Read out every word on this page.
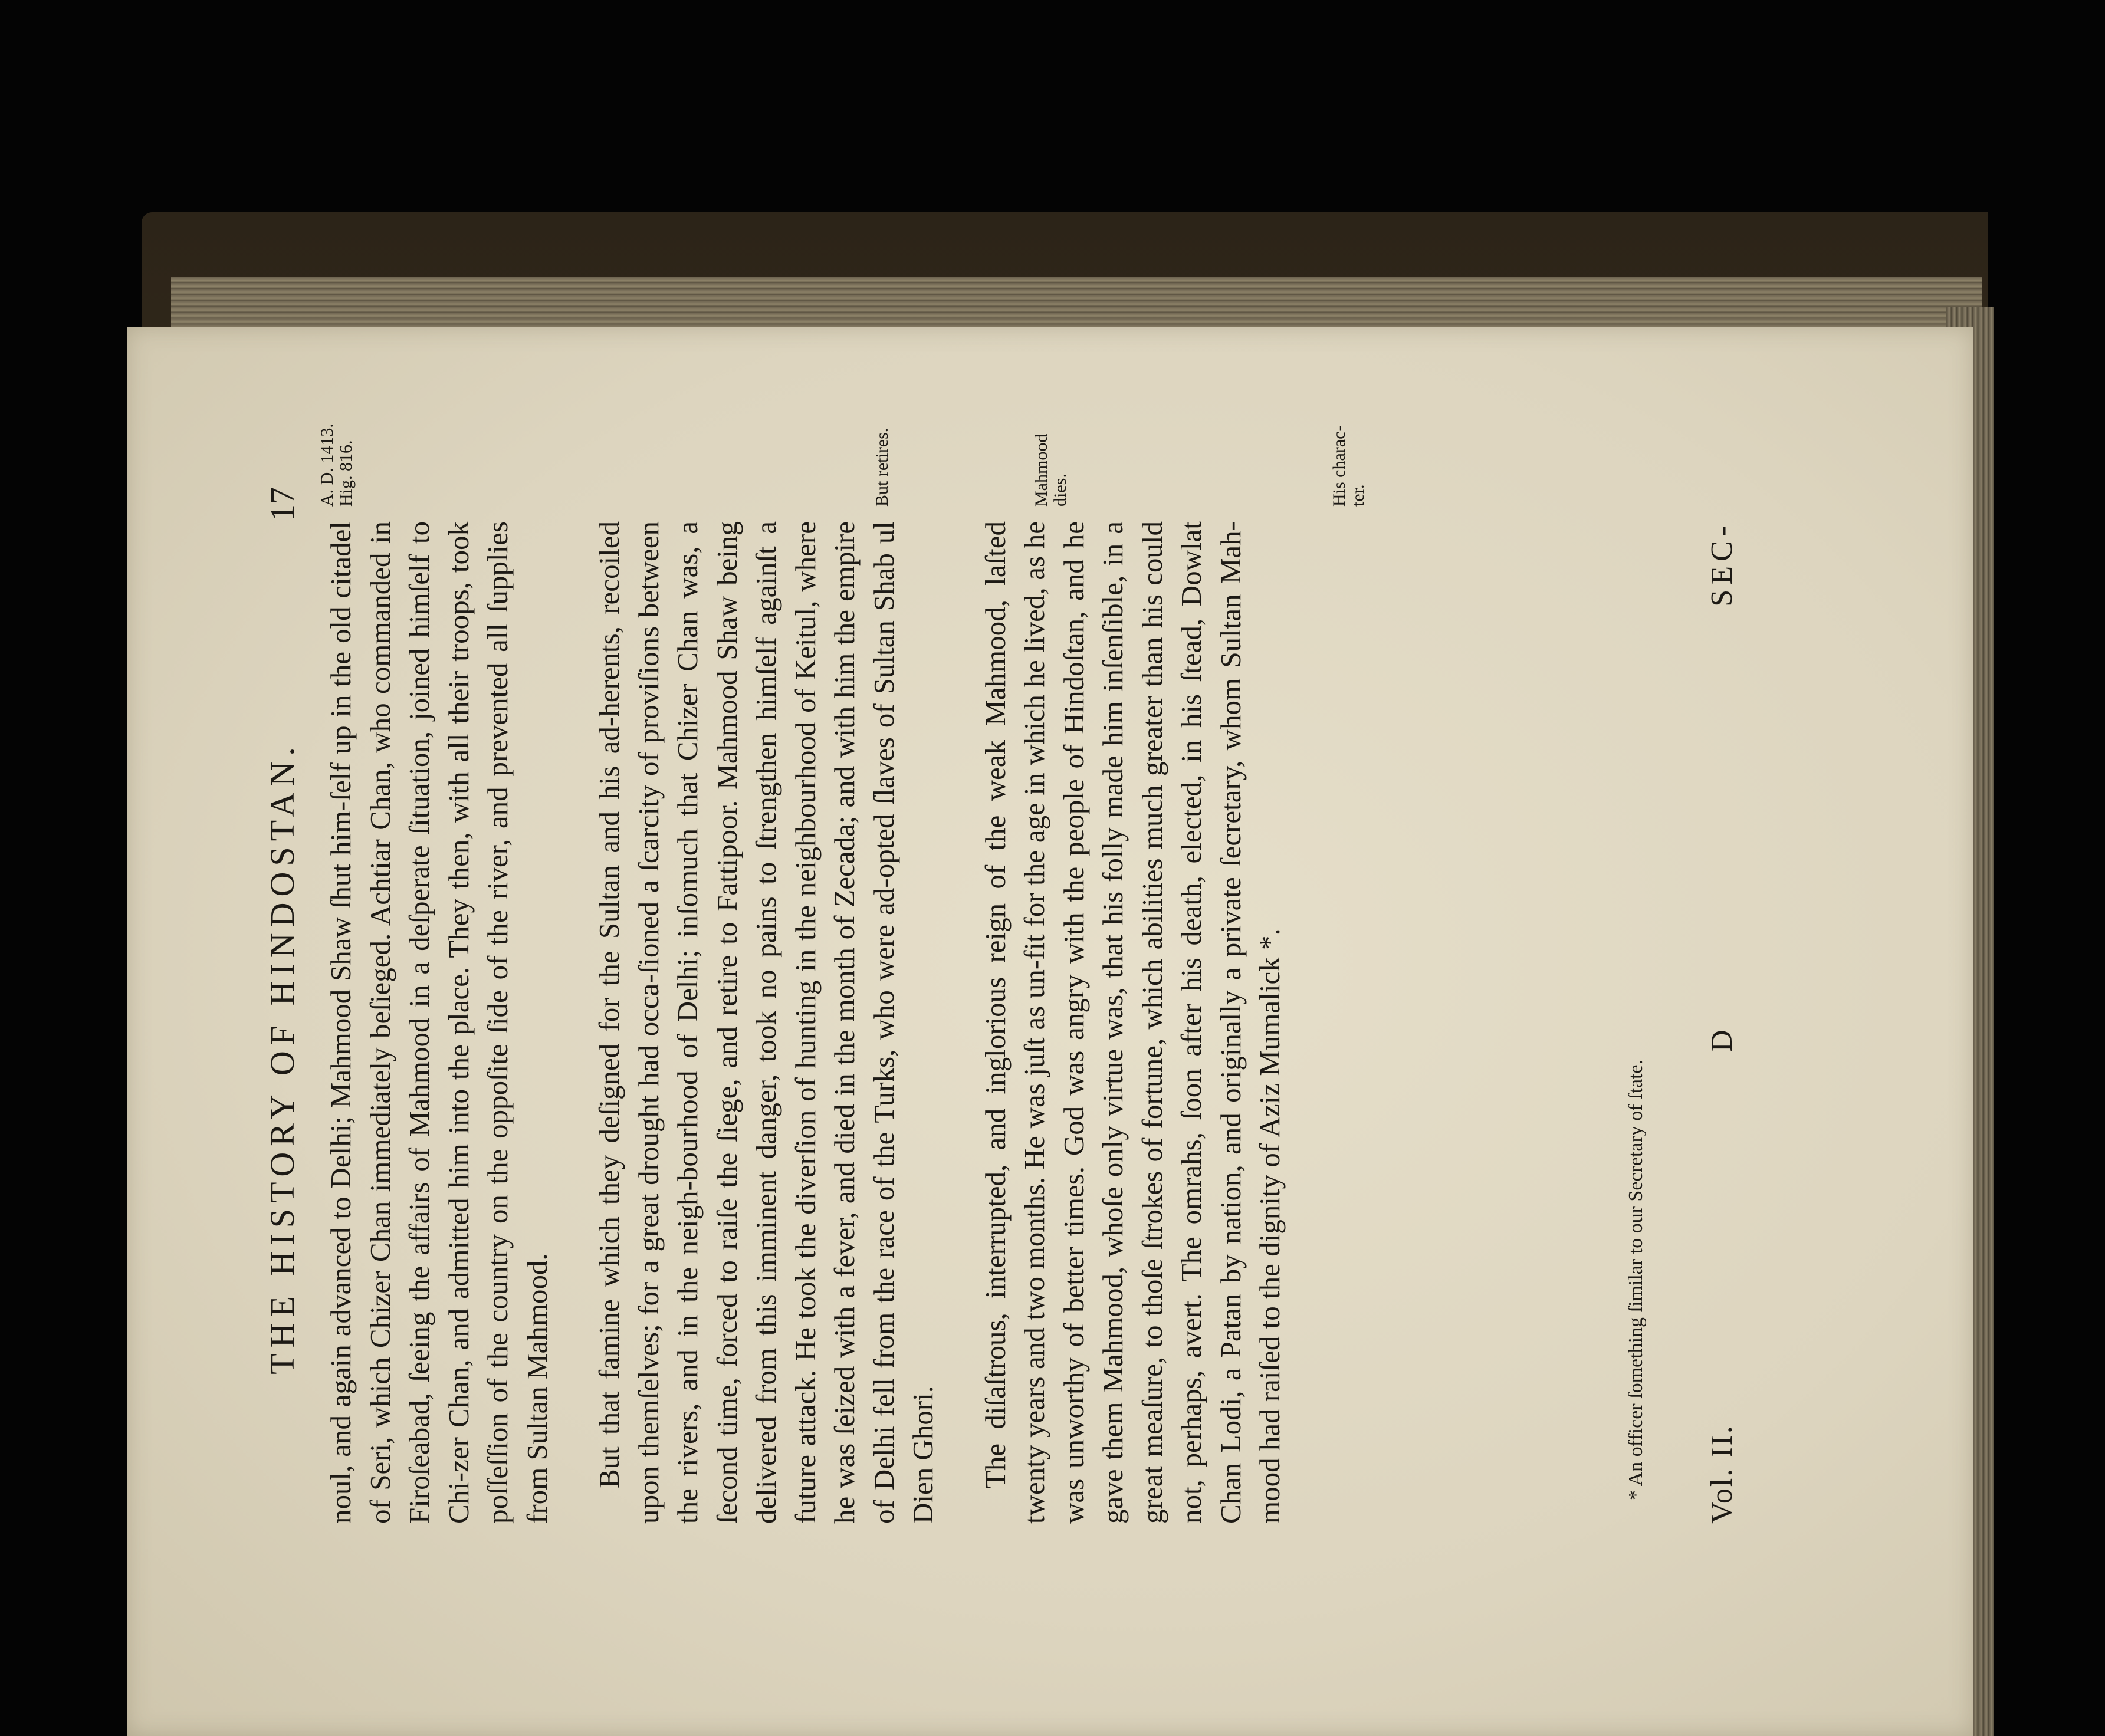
THE HISTORY OF HINDOSTAN.
17

noul, and again advanced to Delhi; Mahmood Shaw ſhut him-ſelf up in the old citadel of Seri, which Chizer Chan immediately beſieged. Achtiar Chan, who commanded in Firoſeabad, ſeeing the affairs of Mahmood in a deſperate ſituation, joined himſelf to Chi-zer Chan, and admitted him into the place. They then, with all their troops, took poſſeſſion of the country on the oppoſite ſide of the river, and prevented all ſupplies from Sultan Mahmood. But that famine which they deſigned for the Sultan and his ad-herents, recoiled upon themſelves; for a great drought had occa-ſioned a ſcarcity of proviſions between the rivers, and in the neigh-bourhood of Delhi; inſomuch that Chizer Chan was, a ſecond time, forced to raiſe the ſiege, and retire to Fattipoor. Mahmood Shaw being delivered from this imminent danger, took no pains to ſtrengthen himſelf againſt a future attack. He took the diverſion of hunting in the neighbourhood of Keitul, where he was ſeized with a fever, and died in the month of Zecada; and with him the empire of Delhi fell from the race of the Turks, who were ad-opted ſlaves of Sultan Shab ul Dien Ghori. The diſaſtrous, interrupted, and inglorious reign of the weak Mahmood, laſted twenty years and two months. He was juſt as un-fit for the age in which he lived, as he was unworthy of better times. God was angry with the people of Hindoſtan, and he gave them Mahmood, whoſe only virtue was, that his folly made him inſenſible, in a great meaſure, to thoſe ſtrokes of fortune, which abilities much greater than his could not, perhaps, avert. The omrahs, ſoon after his death, elected, in his ſtead, Dowlat Chan Lodi, a Patan by nation, and originally a private ſecretary, whom Sultan Mah-mood had raiſed to the dignity of Aziz Mumalick *.

A. D. 1413. Hig. 816.	But retires.	Mahmood dies.	His charac- ter.
* An officer ſomething ſimilar to our Secretary of ſtate. Vol. II.
D
SEC-
